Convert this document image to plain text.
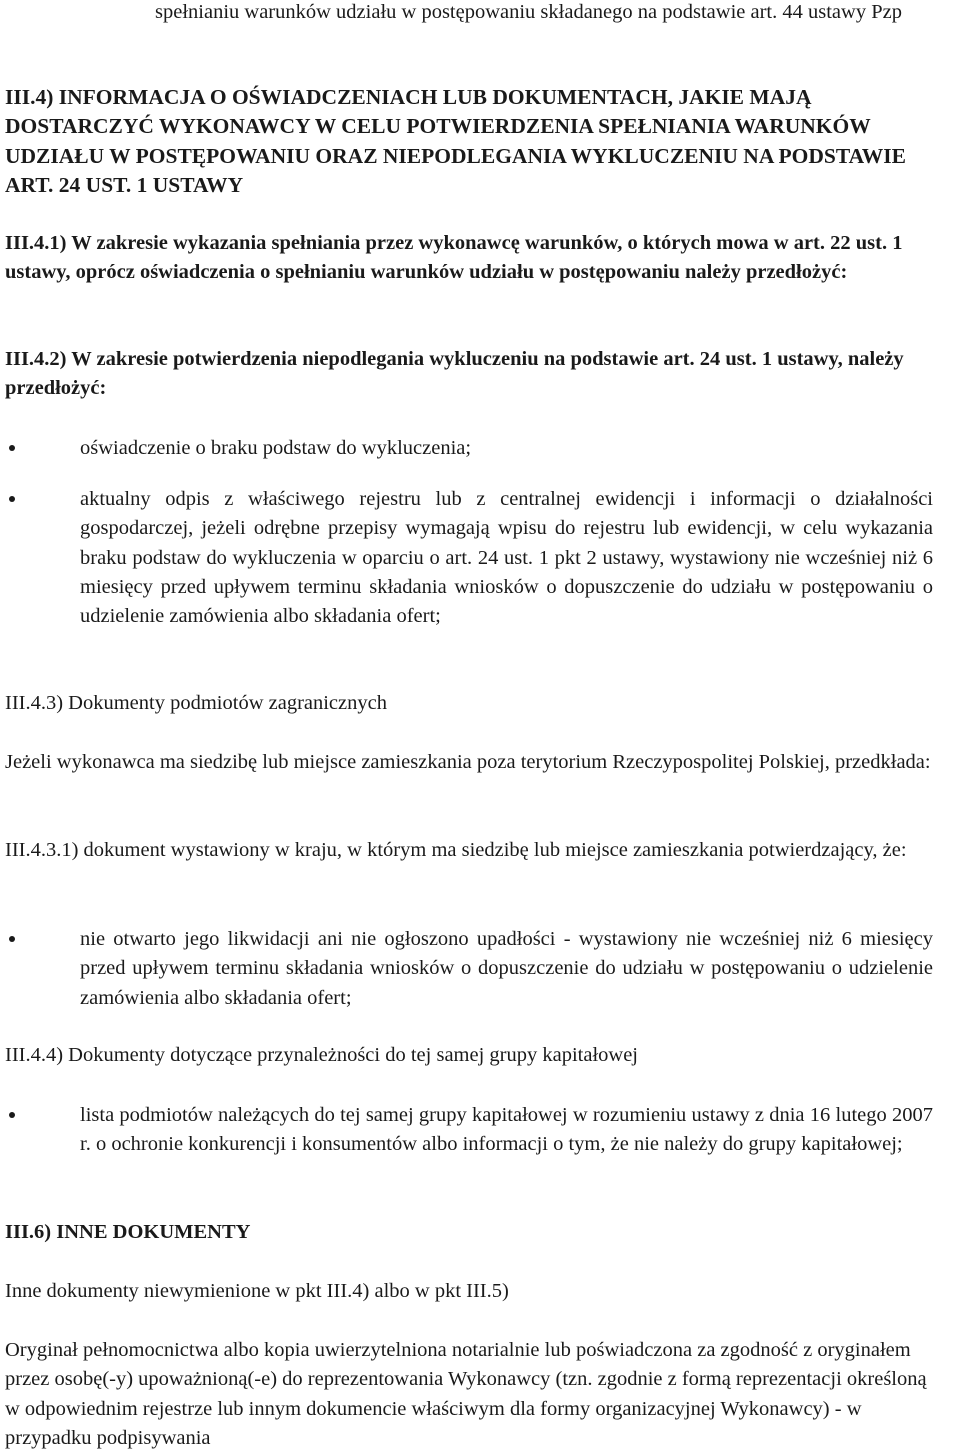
spełnianiu warunków udziału w postępowaniu składanego na podstawie art. 44 ustawy Pzp

III.4) INFORMACJA O OŚWIADCZENIACH LUB DOKUMENTACH, JAKIE MAJĄ DOSTARCZYĆ WYKONAWCY W CELU POTWIERDZENIA SPEŁNIANIA WARUNKÓW UDZIAŁU W POSTĘPOWANIU ORAZ NIEPODLEGANIA WYKLUCZENIU NA PODSTAWIE ART. 24 UST. 1 USTAWY

III.4.1) W zakresie wykazania spełniania przez wykonawcę warunków, o których mowa w art. 22 ust. 1 ustawy, oprócz oświadczenia o spełnianiu warunków udziału w postępowaniu należy przedłożyć:

III.4.2) W zakresie potwierdzenia niepodlegania wykluczeniu na podstawie art. 24 ust. 1 ustawy, należy przedłożyć:

oświadczenie o braku podstaw do wykluczenia;
aktualny odpis z właściwego rejestru lub z centralnej ewidencji i informacji o działalności gospodarczej, jeżeli odrębne przepisy wymagają wpisu do rejestru lub ewidencji, w celu wykazania braku podstaw do wykluczenia w oparciu o art. 24 ust. 1 pkt 2 ustawy, wystawiony nie wcześniej niż 6 miesięcy przed upływem terminu składania wniosków o dopuszczenie do udziału w postępowaniu o udzielenie zamówienia albo składania ofert;

III.4.3) Dokumenty podmiotów zagranicznych

Jeżeli wykonawca ma siedzibę lub miejsce zamieszkania poza terytorium Rzeczypospolitej Polskiej, przedkłada:

III.4.3.1) dokument wystawiony w kraju, w którym ma siedzibę lub miejsce zamieszkania potwierdzający, że:

nie otwarto jego likwidacji ani nie ogłoszono upadłości - wystawiony nie wcześniej niż 6 miesięcy przed upływem terminu składania wniosków o dopuszczenie do udziału w postępowaniu o udzielenie zamówienia albo składania ofert;

III.4.4) Dokumenty dotyczące przynależności do tej samej grupy kapitałowej

lista podmiotów należących do tej samej grupy kapitałowej w rozumieniu ustawy z dnia 16 lutego 2007 r. o ochronie konkurencji i konsumentów albo informacji o tym, że nie należy do grupy kapitałowej;

III.6) INNE DOKUMENTY

Inne dokumenty niewymienione w pkt III.4) albo w pkt III.5)

Oryginał pełnomocnictwa albo kopia uwierzytelniona notarialnie lub poświadczona za zgodność z oryginałem przez osobę(-y) upoważnioną(-e) do reprezentowania Wykonawcy (tzn. zgodnie z formą reprezentacji określoną w odpowiednim rejestrze lub innym dokumencie właściwym dla formy organizacyjnej Wykonawcy) - w przypadku podpisywania
